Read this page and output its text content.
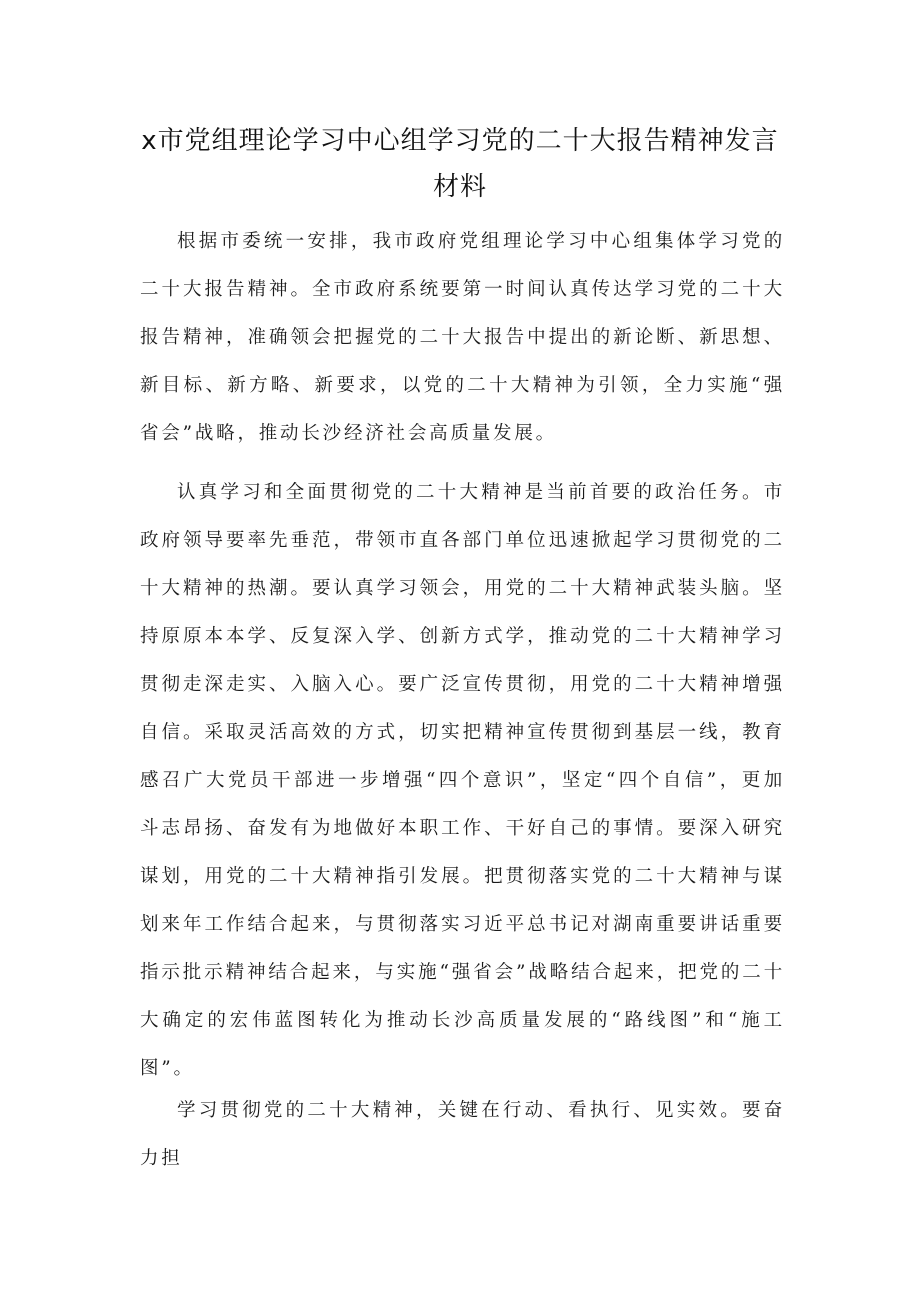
x市党组理论学习中心组学习党的二十大报告精神发言材料

根据市委统一安排，我市政府党组理论学习中心组集体学习党的二十大报告精神。全市政府系统要第一时间认真传达学习党的二十大报告精神，准确领会把握党的二十大报告中提出的新论断、新思想、新目标、新方略、新要求，以党的二十大精神为引领，全力实施“强省会”战略，推动长沙经济社会高质量发展。

认真学习和全面贯彻党的二十大精神是当前首要的政治任务。市政府领导要率先垂范，带领市直各部门单位迅速掀起学习贯彻党的二十大精神的热潮。要认真学习领会，用党的二十大精神武装头脑。坚持原原本本学、反复深入学、创新方式学，推动党的二十大精神学习贯彻走深走实、入脑入心。要广泛宣传贯彻，用党的二十大精神增强自信。采取灵活高效的方式，切实把精神宣传贯彻到基层一线，教育感召广大党员干部进一步增强“四个意识”，坚定“四个自信”，更加斗志昂扬、奋发有为地做好本职工作、干好自己的事情。要深入研究谋划，用党的二十大精神指引发展。把贯彻落实党的二十大精神与谋划来年工作结合起来，与贯彻落实习近平总书记对湖南重要讲话重要指示批示精神结合起来，与实施“强省会”战略结合起来，把党的二十大确定的宏伟蓝图转化为推动长沙高质量发展的“路线图”和“施工图”。

学习贯彻党的二十大精神，关键在行动、看执行、见实效。要奋力担
